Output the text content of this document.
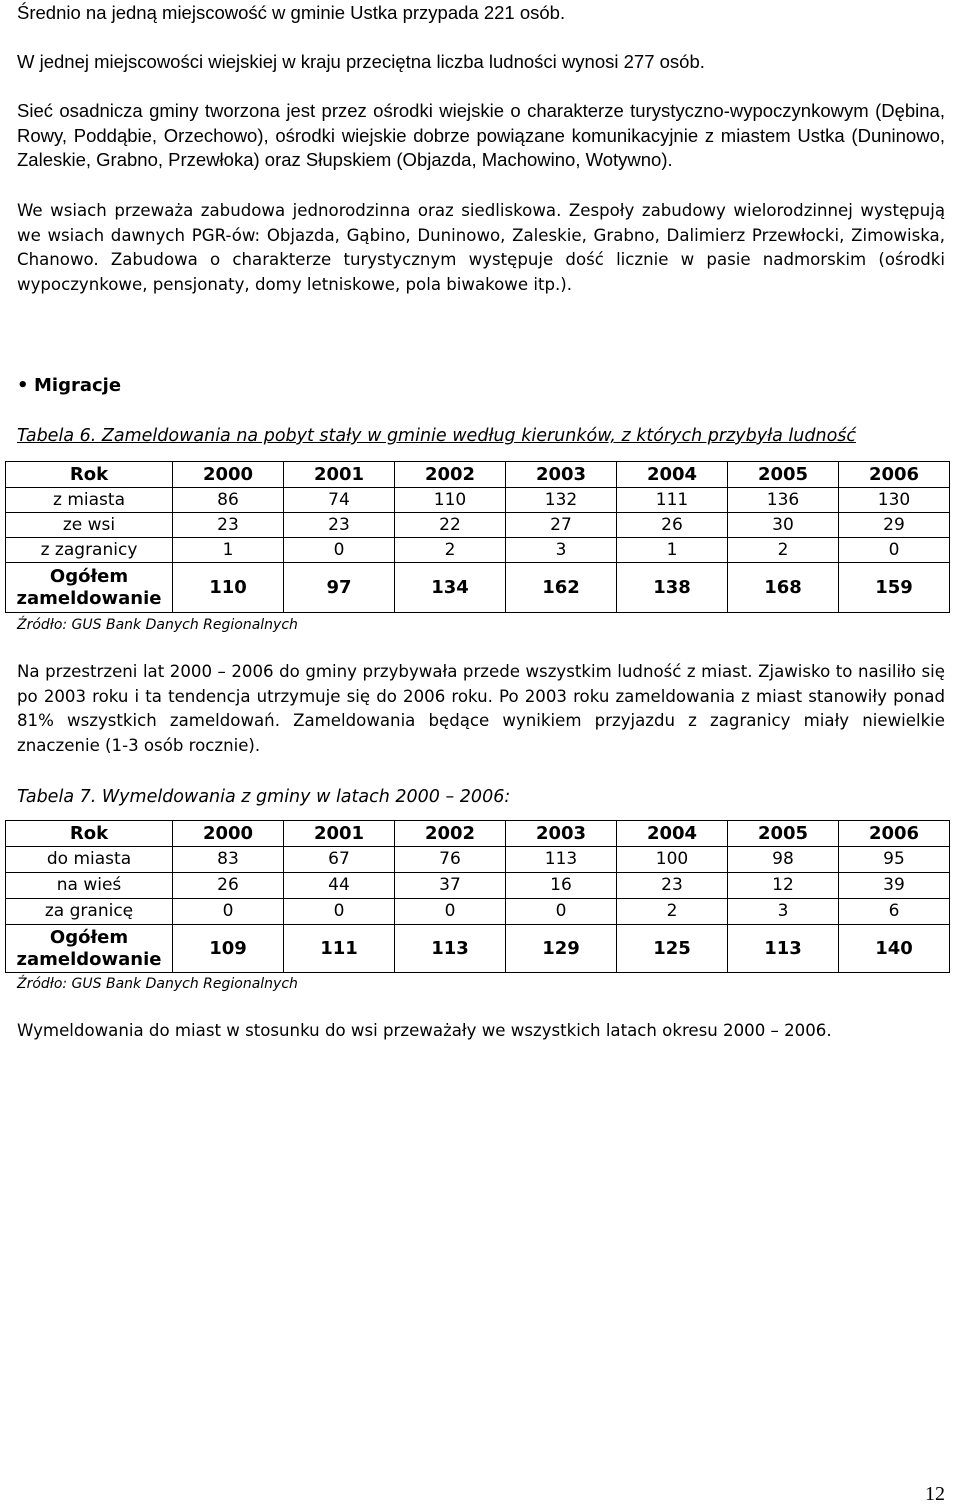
Średnio na jedną miejscowość w gminie Ustka przypada 221 osób.

W jednej miejscowości wiejskiej w kraju przeciętna liczba ludności wynosi 277 osób.

Sieć osadnicza gminy tworzona jest przez ośrodki wiejskie o charakterze turystyczno-wypoczynkowym (Dębina, Rowy, Poddąbie, Orzechowo), ośrodki wiejskie dobrze powiązane komunikacyjnie z miastem Ustka (Duninowo, Zaleskie, Grabno, Przewłoka) oraz Słupskiem (Objazda, Machowino, Wotywno).

We wsiach przeważa zabudowa jednorodzinna oraz siedliskowa. Zespoły zabudowy wielorodzinnej występują we wsiach dawnych PGR-ów: Objazda, Gąbino, Duninowo, Zaleskie, Grabno, Dalimierz Przewłocki, Zimowiska, Chanowo. Zabudowa o charakterze turystycznym występuje dość licznie w pasie nadmorskim (ośrodki wypoczynkowe, pensjonaty, domy letniskowe, pola biwakowe itp.).

• Migracje
Tabela 6. Zameldowania na pobyt stały w gminie według kierunków, z których przybyła ludność
Rok	2000	2001	2002	2003	2004	2005	2006
z miasta	86	74	110	132	111	136	130
ze wsi	23	23	22	27	26	30	29
z zagranicy	1	0	2	3	1	2	0

Ogółem
zameldowanie	110	97	134	162	138	168	159
Źródło: GUS Bank Danych Regionalnych

Na przestrzeni lat 2000 – 2006 do gminy przybywała przede wszystkim ludność z miast. Zjawisko to nasiliło się po 2003 roku i ta tendencja utrzymuje się do 2006 roku. Po 2003 roku zameldowania z miast stanowiły ponad 81% wszystkich zameldowań. Zameldowania będące wynikiem przyjazdu z zagranicy miały niewielkie znaczenie (1-3 osób rocznie).

Tabela 7. Wymeldowania z gminy w latach 2000 – 2006:
Rok	2000	2001	2002	2003	2004	2005	2006
do miasta	83	67	76	113	100	98	95
na wieś	26	44	37	16	23	12	39
za granicę	0	0	0	0	2	3	6

Ogółem
zameldowanie	109	111	113	129	125	113	140
Źródło: GUS Bank Danych Regionalnych

Wymeldowania do miast w stosunku do wsi przeważały we wszystkich latach okresu 2000 – 2006.

12
